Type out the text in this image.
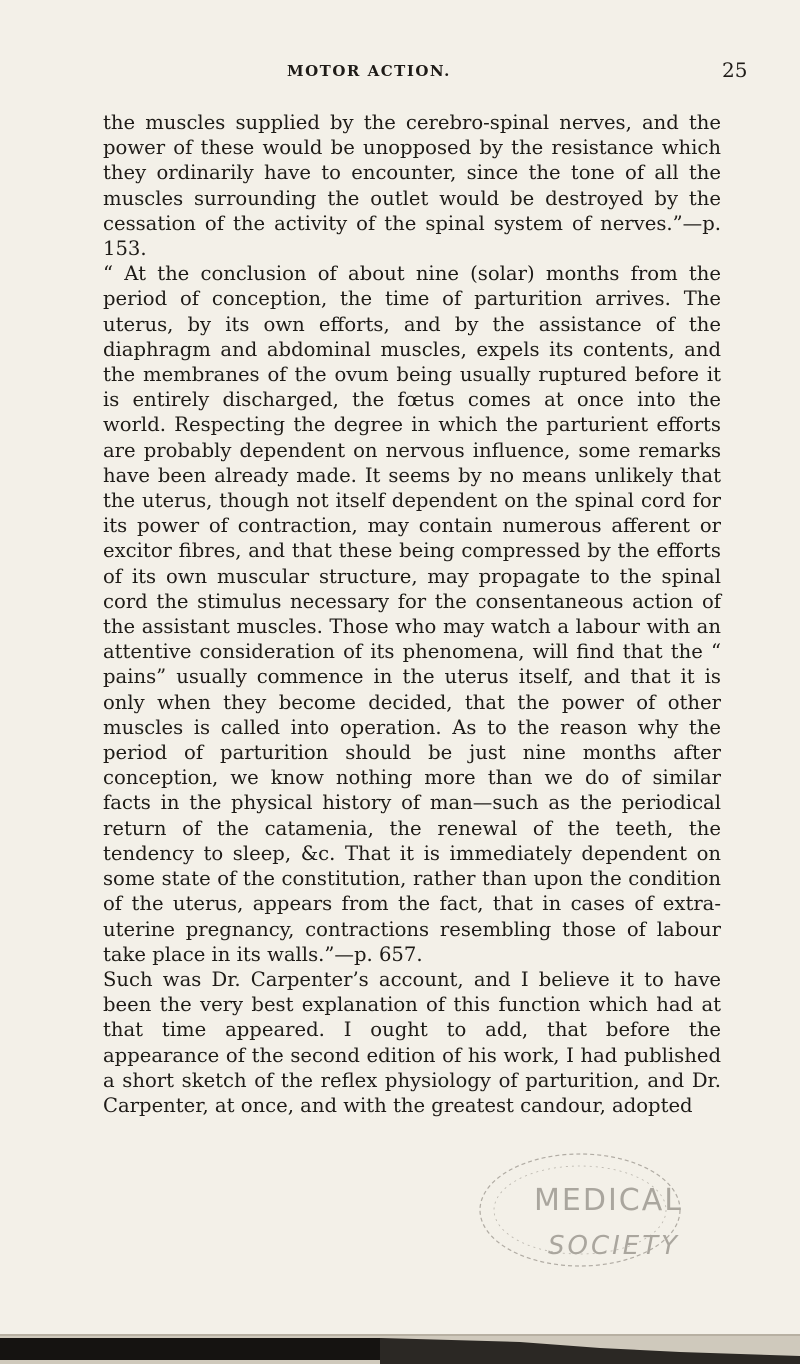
MOTOR ACTION.	25

the muscles supplied by the cerebro-spinal nerves, and the power of these would be unopposed by the resistance which they ordinarily have to encounter, since the tone of all the muscles surrounding the outlet would be destroyed by the cessation of the activity of the spinal system of nerves.”—p. 153.

“ At the conclusion of about nine (solar) months from the period of conception, the time of parturition arrives. The uterus, by its own efforts, and by the assistance of the diaphragm and abdominal muscles, expels its contents, and the membranes of the ovum being usually ruptured before it is entirely discharged, the fœtus comes at once into the world. Respecting the degree in which the parturient efforts are probably dependent on nervous influence, some remarks have been already made. It seems by no means unlikely that the uterus, though not itself dependent on the spinal cord for its power of contraction, may contain numerous afferent or excitor fibres, and that these being compressed by the efforts of its own muscular structure, may propagate to the spinal cord the stimulus necessary for the consentaneous action of the assistant muscles. Those who may watch a labour with an attentive consideration of its phenomena, will find that the “ pains” usually commence in the uterus itself, and that it is only when they become decided, that the power of other muscles is called into operation. As to the reason why the period of parturition should be just nine months after conception, we know nothing more than we do of similar facts in the physical history of man—such as the periodical return of the catamenia, the renewal of the teeth, the tendency to sleep, &c. That it is immediately dependent on some state of the constitution, rather than upon the condition of the uterus, appears from the fact, that in cases of extra-uterine pregnancy, contractions resembling those of labour take place in its walls.”—p. 657.

Such was Dr. Carpenter’s account, and I believe it to have been the very best explanation of this function which had at that time appeared. I ought to add, that before the appearance of the second edition of his work, I had published a short sketch of the reflex physiology of parturition, and Dr. Carpenter, at once, and with the greatest candour, adopted

MEDICAL
SOCIETY
